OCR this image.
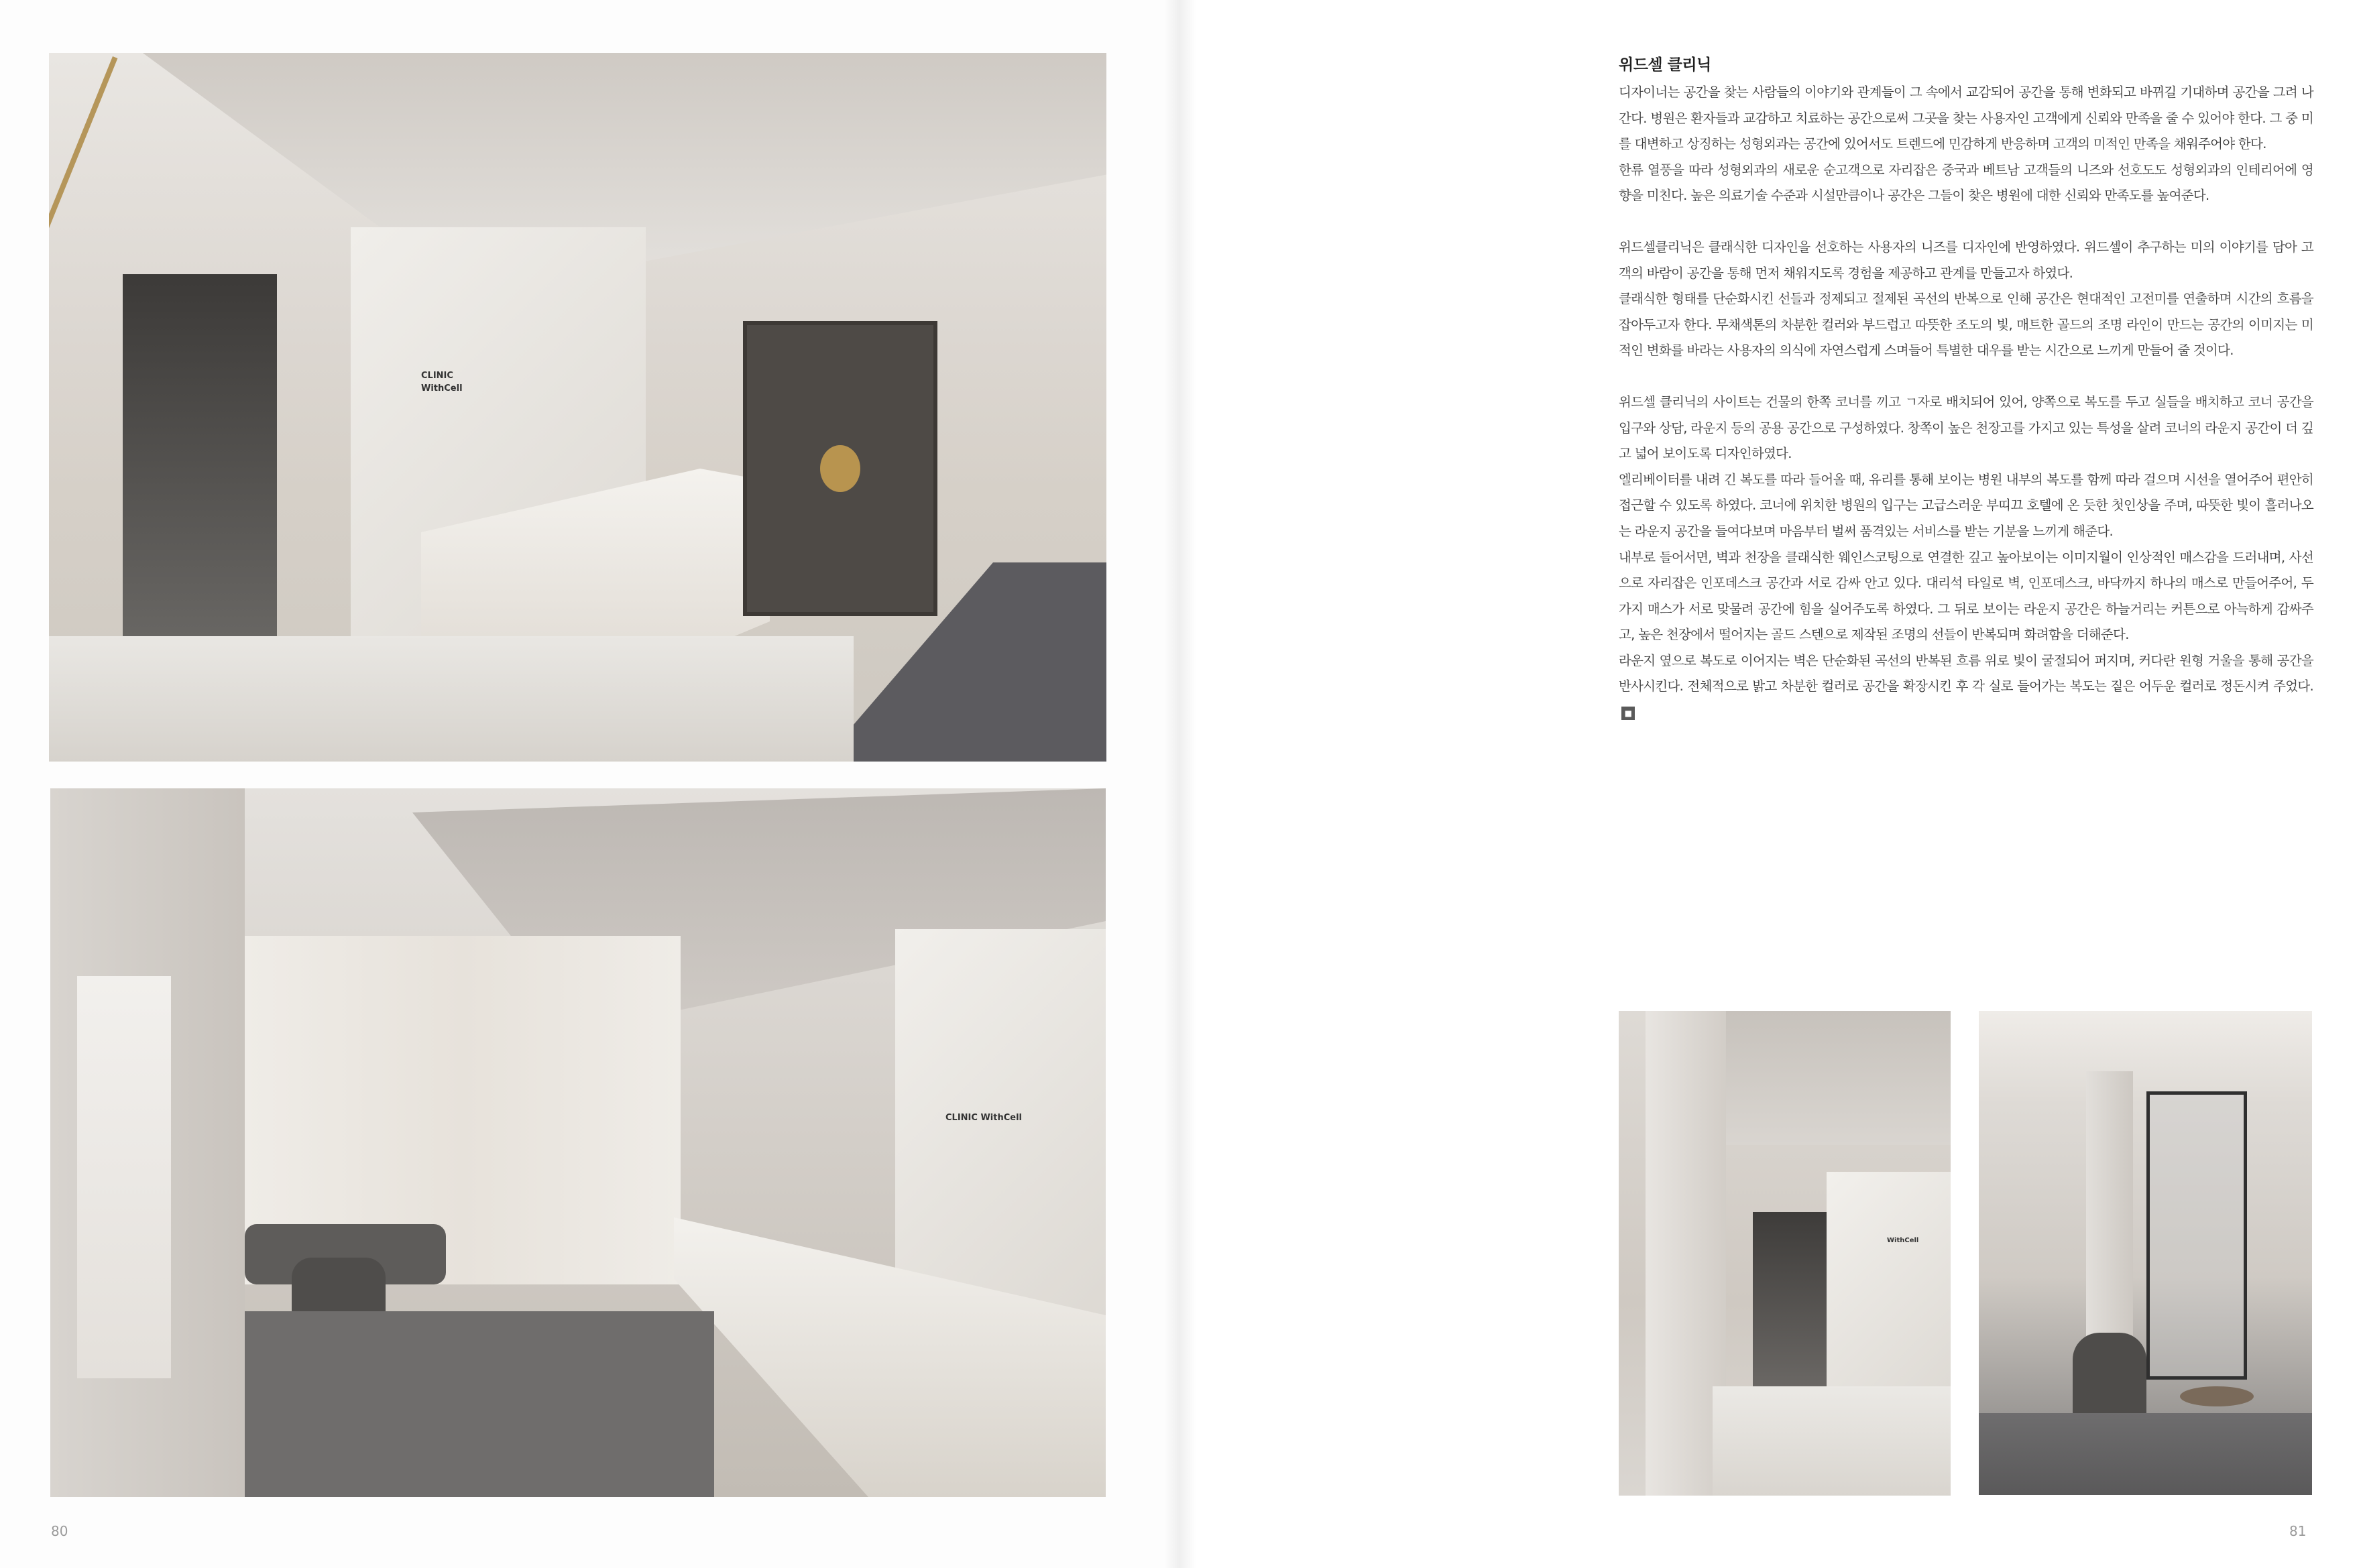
CLINIC WithCell
CLINIC WithCell
WithCell
위드셀 클리닉

디자이너는 공간을 찾는 사람들의 이야기와 관계들이 그 속에서 교감되어 공간을 통해 변화되고 바뀌길 기대하며 공간을 그려 나간다. 병원은 환자들과 교감하고 치료하는 공간으로써 그곳을 찾는 사용자인 고객에게 신뢰와 만족을 줄 수 있어야 한다. 그 중 미를 대변하고 상징하는 성형외과는 공간에 있어서도 트렌드에 민감하게 반응하며 고객의 미적인 만족을 채워주어야 한다.

한류 열풍을 따라 성형외과의 새로운 순고객으로 자리잡은 중국과 베트남 고객들의 니즈와 선호도도 성형외과의 인테리어에 영향을 미친다. 높은 의료기술 수준과 시설만큼이나 공간은 그들이 찾은 병원에 대한 신뢰와 만족도를 높여준다.

위드셀클리닉은 클래식한 디자인을 선호하는 사용자의 니즈를 디자인에 반영하였다. 위드셀이 추구하는 미의 이야기를 담아 고객의 바람이 공간을 통해 먼저 채워지도록 경험을 제공하고 관계를 만들고자 하였다.

클래식한 형태를 단순화시킨 선들과 정제되고 절제된 곡선의 반복으로 인해 공간은 현대적인 고전미를 연출하며 시간의 흐름을 잡아두고자 한다. 무채색톤의 차분한 컬러와 부드럽고 따뜻한 조도의 빛, 매트한 골드의 조명 라인이 만드는 공간의 이미지는 미적인 변화를 바라는 사용자의 의식에 자연스럽게 스며들어 특별한 대우를 받는 시간으로 느끼게 만들어 줄 것이다.

위드셀 클리닉의 사이트는 건물의 한쪽 코너를 끼고 ㄱ자로 배치되어 있어, 양쪽으로 복도를 두고 실들을 배치하고 코너 공간을 입구와 상담, 라운지 등의 공용 공간으로 구성하였다. 창쪽이 높은 천장고를 가지고 있는 특성을 살려 코너의 라운지 공간이 더 깊고 넓어 보이도록 디자인하였다.

엘리베이터를 내려 긴 복도를 따라 들어올 때, 유리를 통해 보이는 병원 내부의 복도를 함께 따라 걸으며 시선을 열어주어 편안히 접근할 수 있도록 하였다. 코너에 위치한 병원의 입구는 고급스러운 부띠끄 호텔에 온 듯한 첫인상을 주며, 따뜻한 빛이 흘러나오는 라운지 공간을 들여다보며 마음부터 벌써 품격있는 서비스를 받는 기분을 느끼게 해준다.

내부로 들어서면, 벽과 천장을 클래식한 웨인스코팅으로 연결한 깊고 높아보이는 이미지월이 인상적인 매스감을 드러내며, 사선으로 자리잡은 인포데스크 공간과 서로 감싸 안고 있다. 대리석 타일로 벽, 인포데스크, 바닥까지 하나의 매스로 만들어주어, 두 가지 매스가 서로 맞물려 공간에 힘을 실어주도록 하였다. 그 뒤로 보이는 라운지 공간은 하늘거리는 커튼으로 아늑하게 감싸주고, 높은 천장에서 떨어지는 골드 스텐으로 제작된 조명의 선들이 반복되며 화려함을 더해준다.

라운지 옆으로 복도로 이어지는 벽은 단순화된 곡선의 반복된 흐름 위로 빛이 굴절되어 퍼지며, 커다란 원형 거울을 통해 공간을 반사시킨다. 전체적으로 밝고 차분한 컬러로 공간을 확장시킨 후 각 실로 들어가는 복도는 짙은 어두운 컬러로 정돈시켜 주었다.■

80	81
